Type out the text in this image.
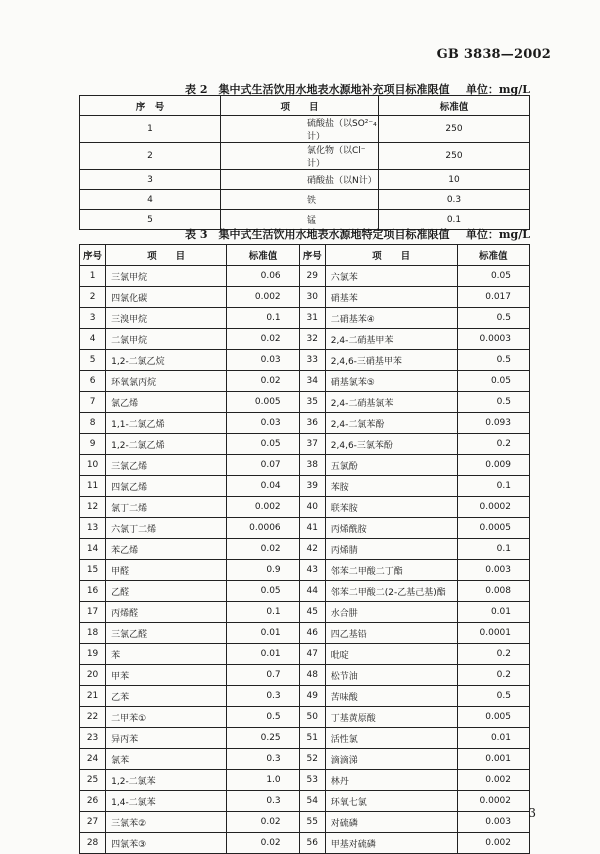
GB 3838—2002
表 2　集中式生活饮用水地表水源地补充项目标准限值 单位：mg/L
序　号	项　　目	标准值
1	硫酸盐（以SO²⁻₄计）	250
2	氯化物（以Cl⁻计）	250
3	硝酸盐（以N计）	10
4	铁	0.3
5	锰	0.1
表 3　集中式生活饮用水地表水源地特定项目标准限值 单位：mg/L
序号	项　　目	标准值	序号	项　　目	标准值
1	三氯甲烷	0.06	29	六氯苯	0.05
2	四氯化碳	0.002	30	硝基苯	0.017
3	三溴甲烷	0.1	31	二硝基苯④	0.5
4	二氯甲烷	0.02	32	2,4-二硝基甲苯	0.0003
5	1,2-二氯乙烷	0.03	33	2,4,6-三硝基甲苯	0.5
6	环氧氯丙烷	0.02	34	硝基氯苯⑤	0.05
7	氯乙烯	0.005	35	2,4-二硝基氯苯	0.5
8	1,1-二氯乙烯	0.03	36	2,4-二氯苯酚	0.093
9	1,2-二氯乙烯	0.05	37	2,4,6-三氯苯酚	0.2
10	三氯乙烯	0.07	38	五氯酚	0.009
11	四氯乙烯	0.04	39	苯胺	0.1
12	氯丁二烯	0.002	40	联苯胺	0.0002
13	六氯丁二烯	0.0006	41	丙烯酰胺	0.0005
14	苯乙烯	0.02	42	丙烯腈	0.1
15	甲醛	0.9	43	邻苯二甲酸二丁酯	0.003
16	乙醛	0.05	44	邻苯二甲酸二(2-乙基己基)酯	0.008
17	丙烯醛	0.1	45	水合肼	0.01
18	三氯乙醛	0.01	46	四乙基铅	0.0001
19	苯	0.01	47	吡啶	0.2
20	甲苯	0.7	48	松节油	0.2
21	乙苯	0.3	49	苦味酸	0.5
22	二甲苯①	0.5	50	丁基黄原酸	0.005
23	异丙苯	0.25	51	活性氯	0.01
24	氯苯	0.3	52	滴滴涕	0.001
25	1,2-二氯苯	1.0	53	林丹	0.002
26	1,4-二氯苯	0.3	54	环氧七氯	0.0002
27	三氯苯②	0.02	55	对硫磷	0.003
28	四氯苯③	0.02	56	甲基对硫磷	0.002
3
